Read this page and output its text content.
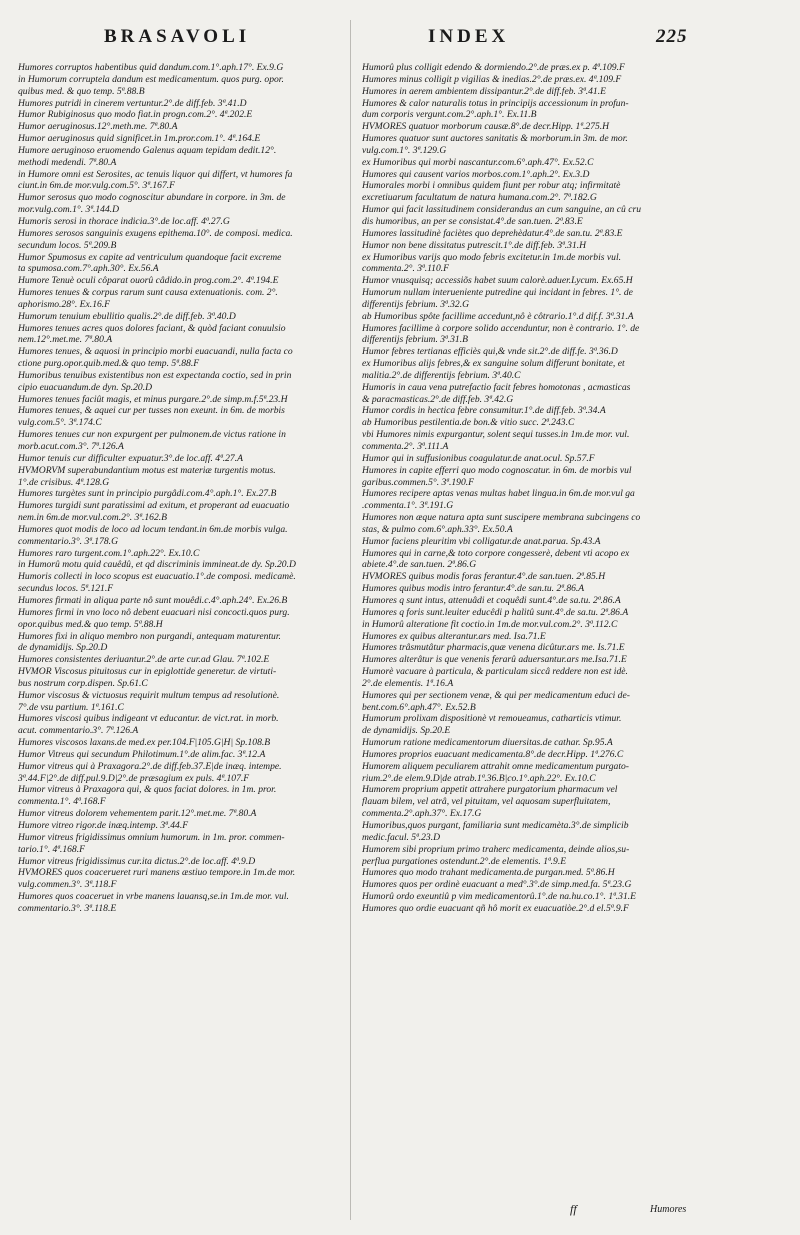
BRASAVOLI	INDEX	225
Humores corruptos habentibus quid dandum.com.1°.aph.17°. Ex.9.G
in Humorum corruptela dandum est medicamentum. quos purg. opor.
quibus med. & quo temp. 5ª.88.B
Humores putridi in cinerem vertuntur.2°.de diff.feb. 3ª.41.D
Humor Rubiginosus quo modo fiat.in progn.com.2°. 4ª.202.E
Humor aeruginosus.12°.meth.me. 7ª.80.A
Humor aeruginosus quid significet.in 1m.pror.com.1°. 4ª.164.E
Humore aeruginoso eruomendo Galenus aquam tepidam dedit.12°.
methodi medendi. 7ª.80.A
in Humore omni est Serosites, ac tenuis liquor qui differt, vt humores fa
ciunt.in 6m.de mor.vulg.com.5°. 3ª.167.F
Humor serosus quo modo cognoscitur abundare in corpore. in 3m. de
mor.vulg.com.1°. 3ª.144.D
Humoris serosi in thorace indicia.3°.de loc.aff. 4ª.27.G
Humores serosos sanguinis exugens epithema.10°. de composi. medica.
secundum locos. 5ª.209.B
Humor Spumosus ex capite ad ventriculum quandoque facit excreme
ta spumosa.com.7°.aph.30°. Ex.56.A
Humore Tenuè oculi côparat ouorû câdido.in prog.com.2°. 4ª.194.E
Humores tenues & corpus rarum sunt causa extenuationis. com. 2°.
aphorismo.28°. Ex.16.F
Humorum tenuium ebullitio qualis.2°.de diff.feb. 3ª.40.D
Humores tenues acres quos dolores faciant, & quòd faciant conuulsio
nem.12°.met.me. 7ª.80.A
Humores tenues, & aquosi in principio morbi euacuandi, nulla facta co
ctione purg.opor.quib.med.& quo temp. 5ª.88.F
Humoribus tenuibus existentibus non est expectanda coctio, sed in prin
cipio euacuandum.de dyn. Sp.20.D
Humores tenues faciût magis, et minus purgare.2°.de simp.m.f.5ª.23.H
Humores tenues, & aquei cur per tusses non exeunt. in 6m. de morbis
vulg.com.5°. 3ª.174.C
Humores tenues cur non expurgent per pulmonem.de victus ratione in
morb.acut.com.3°. 7ª.126.A
Humor tenuis cur difficulter expuatur.3°.de loc.aff. 4ª.27.A
HVMORVM superabundantium motus est materiæ turgentis motus.
1°.de crisibus. 4ª.128.G
Humores turgètes sunt in principio purgâdi.com.4°.aph.1°. Ex.27.B
Humores turgidi sunt paratissimi ad exitum, et properant ad euacuatio
nem.in 6m.de mor.vul.com.2°. 3ª.162.B
Humores quot modis de loco ad locum tendant.in 6m.de morbis vulga.
commentario.3°. 3ª.178.G
Humores raro turgent.com.1°.aph.22°. Ex.10.C
in Humorû motu quid cauêdû, et qd discriminis immineat.de dy. Sp.20.D
Humoris collecti in loco scopus est euacuatio.1°.de composi. medicamè.
secundus locos. 5ª.121.F
Humores firmati in aliqua parte nô sunt mouêdi.c.4°.aph.24°. Ex.26.B
Humores firmi in vno loco nô debent euacuari nisi concocti.quos purg.
opor.quibus med.& quo temp. 5ª.88.H
Humores fixi in aliquo membro non purgandi, antequam maturentur.
de dynamidijs. Sp.20.D
Humores consistentes deriuantur.2°.de arte cur.ad Glau. 7ª.102.E
HVMOR Viscosus pituitosus cur in epiglottide generetur. de virtuti-
bus nostrum corp.dispen. Sp.61.C
Humor viscosus & victuosus requirit multum tempus ad resolutionè.
7°.de vsu partium. 1ª.161.C
Humores viscosi quibus indigeant vt educantur. de vict.rat. in morb.
acut. commentario.3°. 7ª.126.A
Humores viscosos laxans.de med.ex per.104.F|105.G|H| Sp.108.B
Humor Vitreus qui secundum Philotimum.1°.de alim.fac. 3ª.12.A
Humor vitreus qui à Praxagora.2°.de diff.feb.37.E|de inæq. intempe.
3ª.44.F|2°.de diff.pul.9.D|2°.de præsagium ex puls. 4ª.107.F
Humor vitreus à Praxagora qui, & quos faciat dolores. in 1m. pror.
commenta.1°. 4ª.168.F
Humor vitreus dolorem vehementem parit.12°.met.me. 7ª.80.A
Humore vitreo rigor.de inæq.intemp. 3ª.44.F
Humor vitreus frigidissimus omnium humorum. in 1m. pror. commen-
tario.1°. 4ª.168.F
Humor vitreus frigidissimus cur.ita dictus.2°.de loc.aff. 4ª.9.D
HVMORES quos coacerueret ruri manens æstiuo tempore.in 1m.de mor.
vulg.commen.3°. 3ª.118.F
Humores quos coaceruet in vrbe manens lauansq,se.in 1m.de mor. vul.
commentario.3°. 3ª.118.E
Humorû plus colligit edendo & dormiendo.2°.de præs.ex p. 4ª.109.F
Humores minus colligit p vigilias & inedias.2°.de præs.ex. 4ª.109.F
Humores in aerem ambientem dissipantur.2°.de diff.feb. 3ª.41.E
Humores & calor naturalis totus in principijs accessionum in profun-
dum corporis vergunt.com.2°.aph.1°. Ex.11.B
HVMORES quatuor morborum causæ.8°.de decr.Hipp. 1ª.275.H
Humores quatuor sunt auctores sanitatis & morborum.in 3m. de mor.
vulg.com.1°. 3ª.129.G
ex Humoribus qui morbi nascantur.com.6°.aph.47°. Ex.52.C
Humores qui causent varios morbos.com.1°.aph.2°. Ex.3.D
Humorales morbi i omnibus quidem fiunt per robur atq; infirmitatè
excretiuarum facultatum de natura humana.com.2°. 7ª.182.G
Humor qui facit lassitudinem considerandus an cum sanguine, an cû cru
dis humoribus, an per se consistat.4°.de san.tuen. 2ª.83.E
Humores lassitudinè faciètes quo deprehèdatur.4°.de san.tu. 2ª.83.E
Humor non bene dissitatus putrescit.1°.de diff.feb. 3ª.31.H
ex Humoribus varijs quo modo febris excitetur.in 1m.de morbis vul.
commenta.2°. 3ª.110.F
Humor vnusquisq; accessiõs habet suum calorè.aduer.Lycum. Ex.65.H
Humorum nullam interueniente putredine qui incidant in febres. 1°. de
differentijs febrium. 3ª.32.G
ab Humoribus spôte facillime accedunt,nô è côtrario.1°.d dif.f. 3ª.31.A
Humores facillime à corpore solido accenduntur, non è contrario. 1°. de
differentijs febrium. 3ª.31.B
Humor febres tertianas efficiès qui,& vnde sit.2°.de diff.fe. 3ª.36.D
ex Humoribus alijs febres,& ex sanguine solum differunt bonitate, et
malitia.2°.de differentijs febrium. 3ª.40.C
Humoris in caua vena putrefactio facit febres homotonas , acmasticas
& paracmasticas.2°.de diff.feb. 3ª.42.G
Humor cordis in hectica febre consumitur.1°.de diff.feb. 3ª.34.A
ab Humoribus pestilentia.de bon.& vitio succ. 2ª.243.C
vbi Humores nimis expurgantur, solent sequi tusses.in 1m.de mor. vul.
commenta.2°. 3ª.111.A
Humor qui in suffusionibus coagulatur.de anat.ocul. Sp.57.F
Humores in capite efferri quo modo cognoscatur. in 6m. de morbis vul
garibus.commen.5°. 3ª.190.F
Humores recipere aptas venas multas habet lingua.in 6m.de mor.vul ga
.commenta.1°. 3ª.191.G
Humores non æque natura apta sunt suscipere membrana subcingens co
stas, & pulmo com.6°.aph.33°. Ex.50.A
Humor faciens pleuritim vbi colligatur.de anat.parua. Sp.43.A
Humores qui in carne,& toto corpore congesserè, debent vti acopo ex
abiete.4°.de san.tuen. 2ª.86.G
HVMORES quibus modis foras ferantur.4°.de san.tuen. 2ª.85.H
Humores quibus modis intro ferantur.4°.de san.tu. 2ª.86.A
Humores q sunt intus, attenuâdi et coquêdi sunt.4°.de sa.tu. 2ª.86.A
Humores q foris sunt.leuiter educêdi p halitû sunt.4°.de sa.tu. 2ª.86.A
in Humorû alteratione fit coctio.in 1m.de mor.vul.com.2°. 3ª.112.C
Humores ex quibus alterantur.ars med. Isa.71.E
Humores trâsmutâtur pharmacis,quæ venena dicûtur.ars me. Is.71.E
Humores alterâtur is que venenis ferarû aduersantur.ars me.Isa.71.E
Humorè vacuare à particula, & particulam siccâ reddere non est idè.
2°.de elementis. 1ª.16.A
Humores qui per sectionem venæ, & qui per medicamentum educi de-
bent.com.6°.aph.47°. Ex.52.B
Humorum prolixam dispositionè vt remoueamus, catharticis vtimur.
de dynamidijs. Sp.20.E
Humorum ratione medicamentorum diuersitas.de cathar. Sp.95.A
Humores proprios euacuant medicamenta.8°.de decr.Hipp. 1ª.276.C
Humorem aliquem peculiarem attrahit omne medicamentum purgato-
rium.2°.de elem.9.D|de atrab.1ª.36.B|co.1°.aph.22°. Ex.10.C
Humorem proprium appetit attrahere purgatorium pharmacum vel
flauam bilem, vel atrâ, vel pituitam, vel aquosam superfluitatem,
commenta.2°.aph.37°. Ex.17.G
Humoribus,quos purgant, familiaria sunt medicamèta.3°.de simplicib
medic.facul. 5ª.23.D
Humorem sibi proprium primo traherc medicamenta, deinde alios,su-
perflua purgationes ostendunt.2°.de elementis. 1ª.9.E
Humores quo modo trahant medicamenta.de purgan.med. 5ª.86.H
Humores quos per ordinè euacuant a med°.3°.de simp.med.fa. 5ª.23.G
Humorû ordo exeuntiû p vim medicamentorû.1°.de na.hu.co.1°. 1ª.31.E
Humores quo ordie euacuant qñ hô morit ex euacuatiòe.2°.d el.5ª.9.F
ff	Humores
